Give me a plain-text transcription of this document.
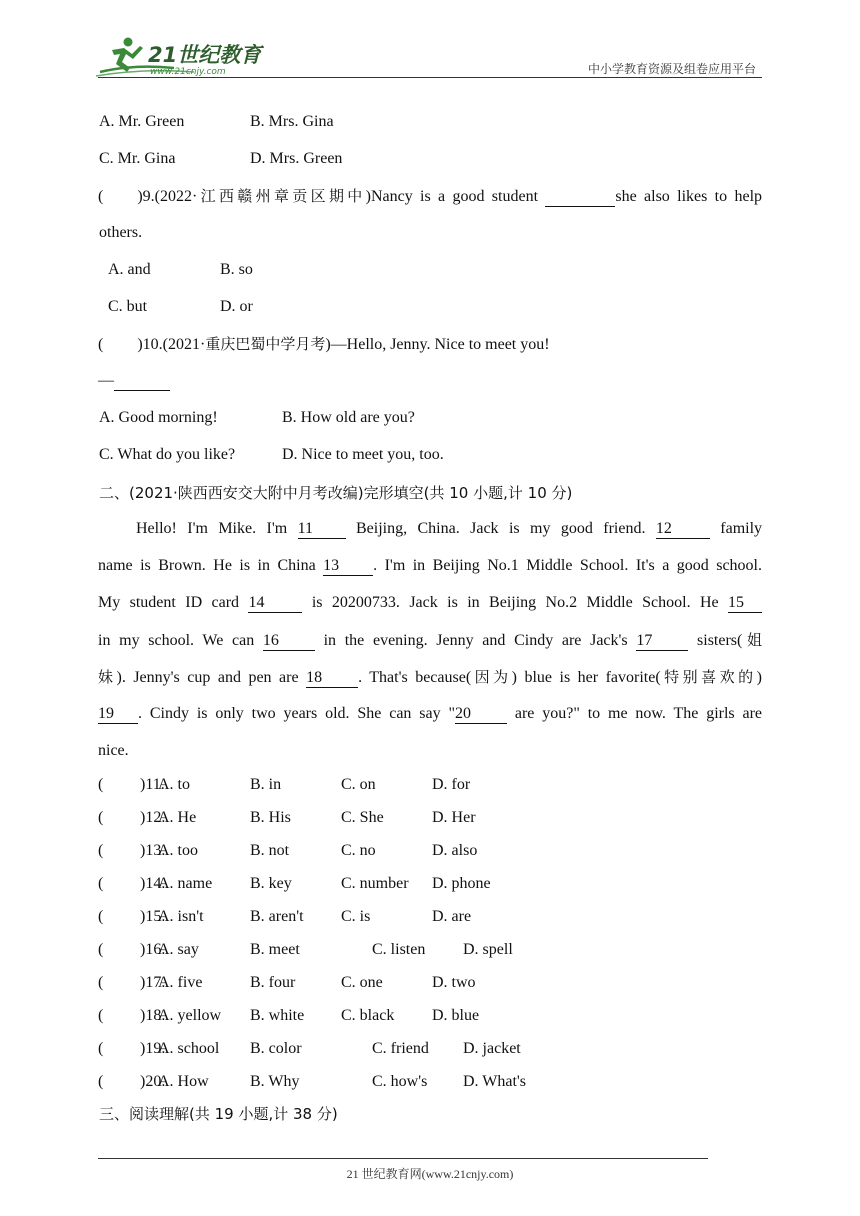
21世纪教育
www.21cnjy.com	中小学教育资源及组卷应用平台
A. Mr. Green	B. Mrs. Gina
C. Mr. Gina	D. Mrs. Green
( )9.(2022·江西赣州章贡区期中)Nancy is a good student	she also likes to help
others.
A. and	B. so
C. but	D. or
( )10.(2021·重庆巴蜀中学月考)—Hello, Jenny. Nice to meet you!
—
A. Good morning!	B. How old are you?
C. What do you like?	D. Nice to meet you, too.
二、(2021·陕西西安交大附中月考改编)完形填空(共 10 小题,计 10 分)
Hello! I'm Mike. I'm 11	Beijing, China. Jack is my good friend. 12	family
name is Brown. He is in China 13 . I'm in Beijing No.1 Middle School. It's a good school.
My student ID card 14	is 20200733. Jack is in Beijing No.2 Middle School. He 15
in my school. We can 16	in the evening. Jenny and Cindy are Jack's 17	sisters(姐
妹). Jenny's cup and pen are 18 . That's because(因为) blue is her favorite(特别喜欢的)
19 . Cindy is only two years old. She can say "20	are you?" to me now. The girls are
nice.
( )11.
A. to	B. in	C. on	D. for
( )12.
A. He	B. His	C. She	D. Her
( )13.
A. too	B. not	C. no	D. also
( )14.
A. name B. key	C. number D. phone
( )15.
A. isn't	B. aren't C. is	D. are
( )16.
A. say	B. meet	C. listen D. spell
( )17.
A. five	B. four	C. one	D. two
( )18.
A. yellow B. white C. black D. blue
( )19.
A. school B. color	C. friend D. jacket
( )20.
A. How	B. Why	C. how's D. What's
三、阅读理解(共 19 小题,计 38 分)
21 世纪教育网(www.21cnjy.com)
